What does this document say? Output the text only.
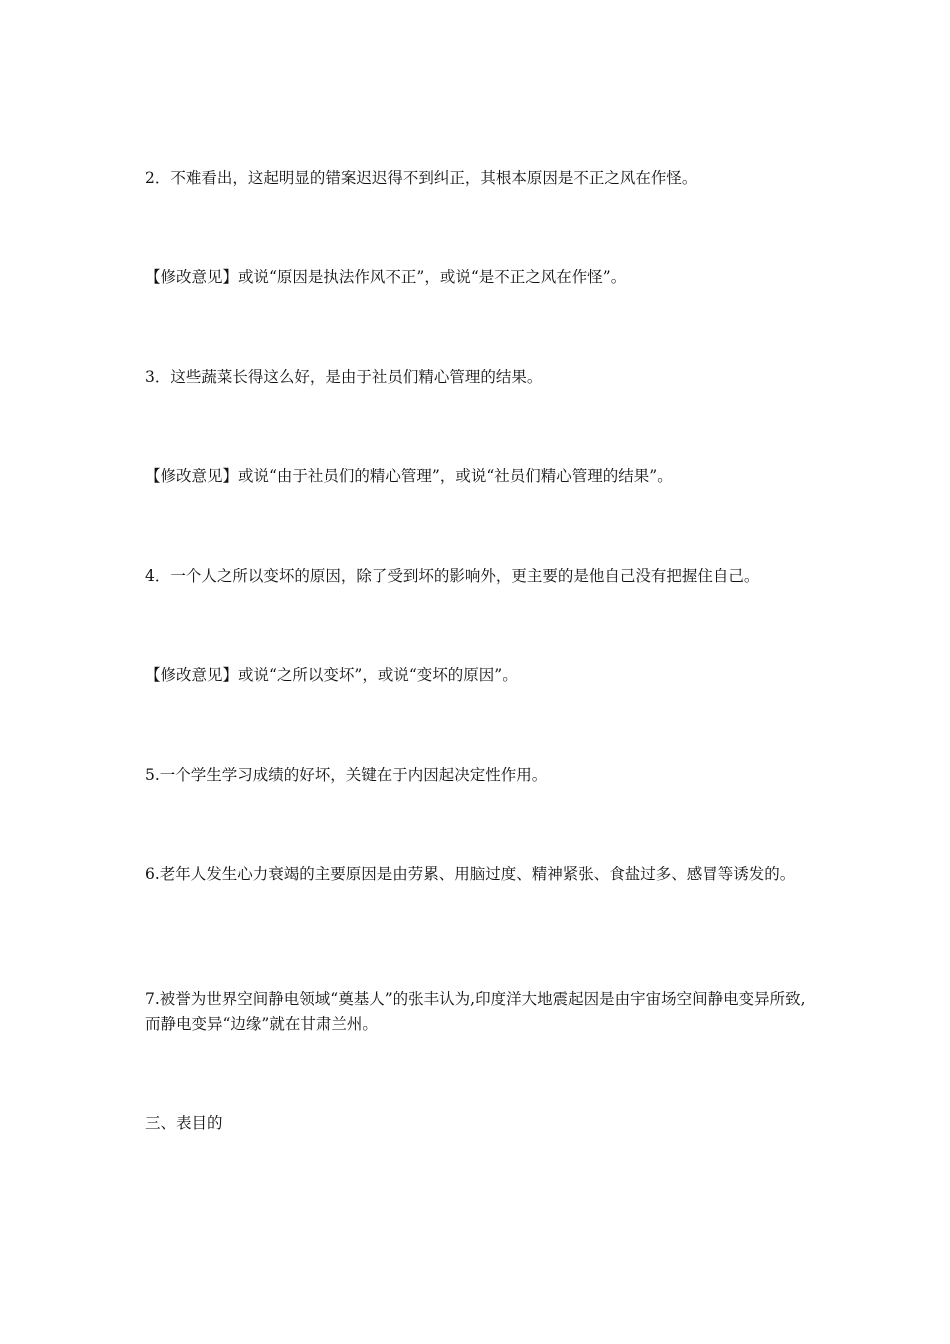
2．不难看出，这起明显的错案迟迟得不到纠正，其根本原因是不正之风在作怪。

【修改意见】或说“原因是执法作风不正”，或说“是不正之风在作怪”。

3．这些蔬菜长得这么好，是由于社员们精心管理的结果。

【修改意见】或说“由于社员们的精心管理”，或说“社员们精心管理的结果”。

4．一个人之所以变坏的原因，除了受到坏的影响外，更主要的是他自己没有把握住自己。

【修改意见】或说“之所以变坏”，或说“变坏的原因”。

5.一个学生学习成绩的好坏，关键在于内因起决定性作用。

6.老年人发生心力衰竭的主要原因是由劳累、用脑过度、精神紧张、食盐过多、感冒等诱发的。

7.被誉为世界空间静电领域“奠基人”的张丰认为,印度洋大地震起因是由宇宙场空间静电变异所致,而静电变异“边缘”就在甘肃兰州。

三、表目的
